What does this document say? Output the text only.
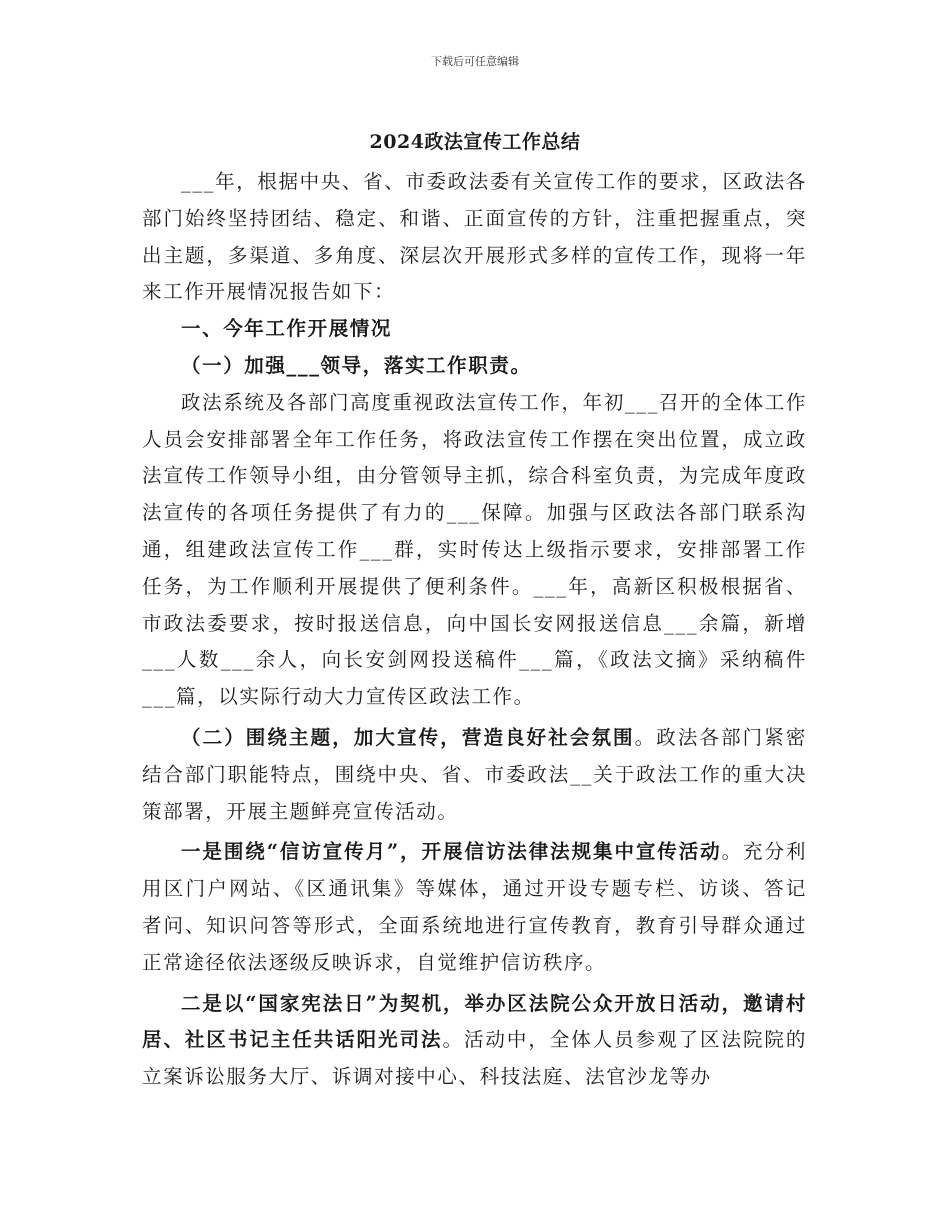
下载后可任意编辑
2024政法宣传工作总结

___年，根据中央、省、市委政法委有关宣传工作的要求，区政法各部门始终坚持团结、稳定、和谐、正面宣传的方针，注重把握重点，突出主题，多渠道、多角度、深层次开展形式多样的宣传工作，现将一年来工作开展情况报告如下：

一、今年工作开展情况

（一）加强___领导，落实工作职责。

政法系统及各部门高度重视政法宣传工作，年初___召开的全体工作人员会安排部署全年工作任务，将政法宣传工作摆在突出位置，成立政法宣传工作领导小组，由分管领导主抓，综合科室负责，为完成年度政法宣传的各项任务提供了有力的___保障。加强与区政法各部门联系沟通，组建政法宣传工作___群，实时传达上级指示要求，安排部署工作任务，为工作顺利开展提供了便利条件。___年，高新区积极根据省、市政法委要求，按时报送信息，向中国长安网报送信息___余篇，新增___人数___余人，向长安剑网投送稿件___篇，《政法文摘》采纳稿件___篇，以实际行动大力宣传区政法工作。

（二）围绕主题，加大宣传，营造良好社会氛围。政法各部门紧密结合部门职能特点，围绕中央、省、市委政法__关于政法工作的重大决策部署，开展主题鲜亮宣传活动。

一是围绕“信访宣传月”，开展信访法律法规集中宣传活动。充分利用区门户网站、《区通讯集》等媒体，通过开设专题专栏、访谈、答记者问、知识问答等形式，全面系统地进行宣传教育，教育引导群众通过正常途径依法逐级反映诉求，自觉维护信访秩序。

二是以“国家宪法日”为契机，举办区法院公众开放日活动，邀请村居、社区书记主任共话阳光司法。活动中，全体人员参观了区法院院的立案诉讼服务大厅、诉调对接中心、科技法庭、法官沙龙等办
